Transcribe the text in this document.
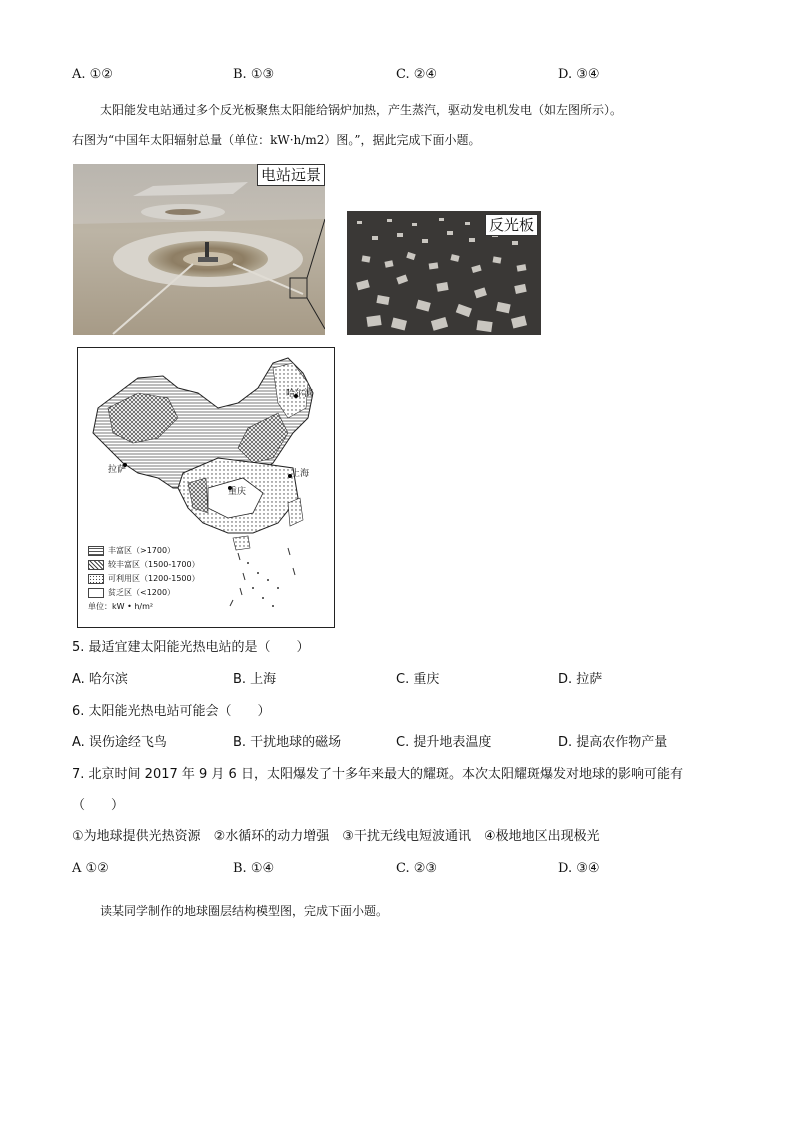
A. ①②	B. ①③	C. ②④	D. ③④
太阳能发电站通过多个反光板聚焦太阳能给锅炉加热，产生蒸汽，驱动发电机发电（如左图所示）。
右图为“中国年太阳辐射总量（单位：kW·h/m2）图。”，据此完成下面小题。
电站远景
反光板
哈尔滨
拉萨	上海
重庆
丰富区（>1700）
较丰富区（1500-1700）
可利用区（1200-1500）
贫乏区（<1200）
单位：kW • h/m²
5. 最适宜建太阳能光热电站的是（　　）
A. 哈尔滨	B. 上海	C. 重庆	D. 拉萨
6. 太阳能光热电站可能会（　　）
A. 误伤途经飞鸟	B. 干扰地球的磁场	C. 提升地表温度	D. 提高农作物产量
7. 北京时间 2017 年 9 月 6 日，太阳爆发了十多年来最大的耀斑。本次太阳耀斑爆发对地球的影响可能有
（　　）
①为地球提供光热资源　②水循环的动力增强　③干扰无线电短波通讯　④极地地区出现极光
A ①②	B. ①④	C. ②③	D. ③④
读某同学制作的地球圈层结构模型图，完成下面小题。
